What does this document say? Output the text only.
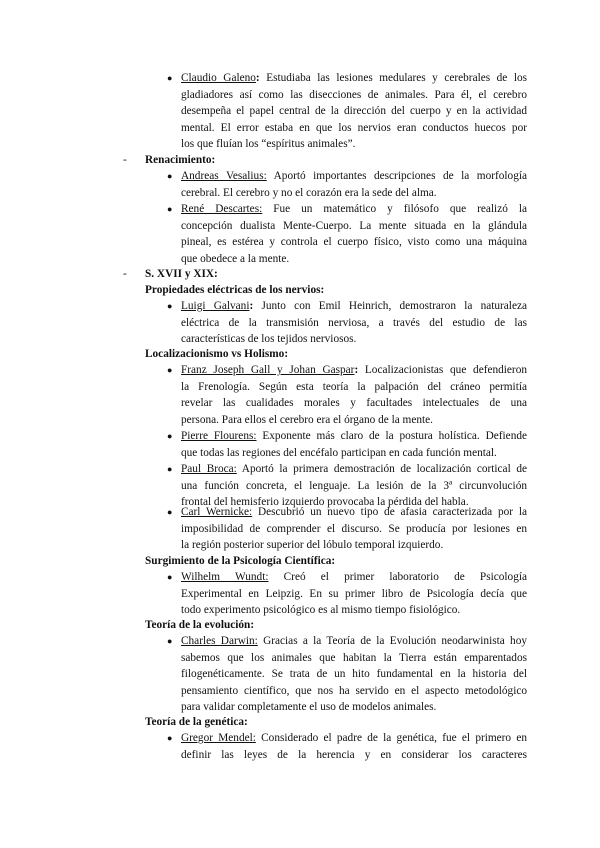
● Claudio Galeno: Estudiaba las lesiones medulares y cerebrales de los
gladiadores así como las disecciones de animales. Para él, el cerebro
desempeña el papel central de la dirección del cuerpo y en la actividad
mental. El error estaba en que los nervios eran conductos huecos por
los que fluían los “espíritus animales”.
- Renacimiento:
● Andreas Vesalius: Aportó importantes descripciones de la morfología
cerebral. El cerebro y no el corazón era la sede del alma.
● René Descartes: Fue un matemático y filósofo que realizó la
concepción dualista Mente-Cuerpo. La mente situada en la glándula
pineal, es estérea y controla el cuerpo físico, visto como una máquina
que obedece a la mente.
- S. XVII y XIX:
Propiedades eléctricas de los nervios:
● Luigi Galvani: Junto con Emil Heinrich, demostraron la naturaleza
eléctrica de la transmisión nerviosa, a través del estudio de las
características de los tejidos nerviosos.
Localizacionismo vs Holismo:
● Franz Joseph Gall y Johan Gaspar: Localizacionistas que defendieron
la Frenología. Según esta teoría la palpación del cráneo permitía
revelar las cualidades morales y facultades intelectuales de una
persona. Para ellos el cerebro era el órgano de la mente.
● Pierre Flourens: Exponente más claro de la postura holística. Defiende
que todas las regiones del encéfalo participan en cada función mental.
● Paul Broca: Aportó la primera demostración de localización cortical de
una función concreta, el lenguaje. La lesión de la 3ª circunvolución
frontal del hemisferio izquierdo provocaba la pérdida del habla.
● Carl Wernicke: Descubrió un nuevo tipo de afasia caracterizada por la
imposibilidad de comprender el discurso. Se producía por lesiones en
la región posterior superior del lóbulo temporal izquierdo.
Surgimiento de la Psicología Científica:
● Wilhelm Wundt: Creó el primer laboratorio de Psicología
Experimental en Leipzig. En su primer libro de Psicología decía que
todo experimento psicológico es al mismo tiempo fisiológico.
Teoría de la evolución:
● Charles Darwin: Gracias a la Teoría de la Evolución neodarwinista hoy
sabemos que los animales que habitan la Tierra están emparentados
filogenéticamente. Se trata de un hito fundamental en la historia del
pensamiento científico, que nos ha servido en el aspecto metodológico
para validar completamente el uso de modelos animales.
Teoría de la genética:
● Gregor Mendel: Considerado el padre de la genética, fue el primero en
definir las leyes de la herencia y en considerar los caracteres
